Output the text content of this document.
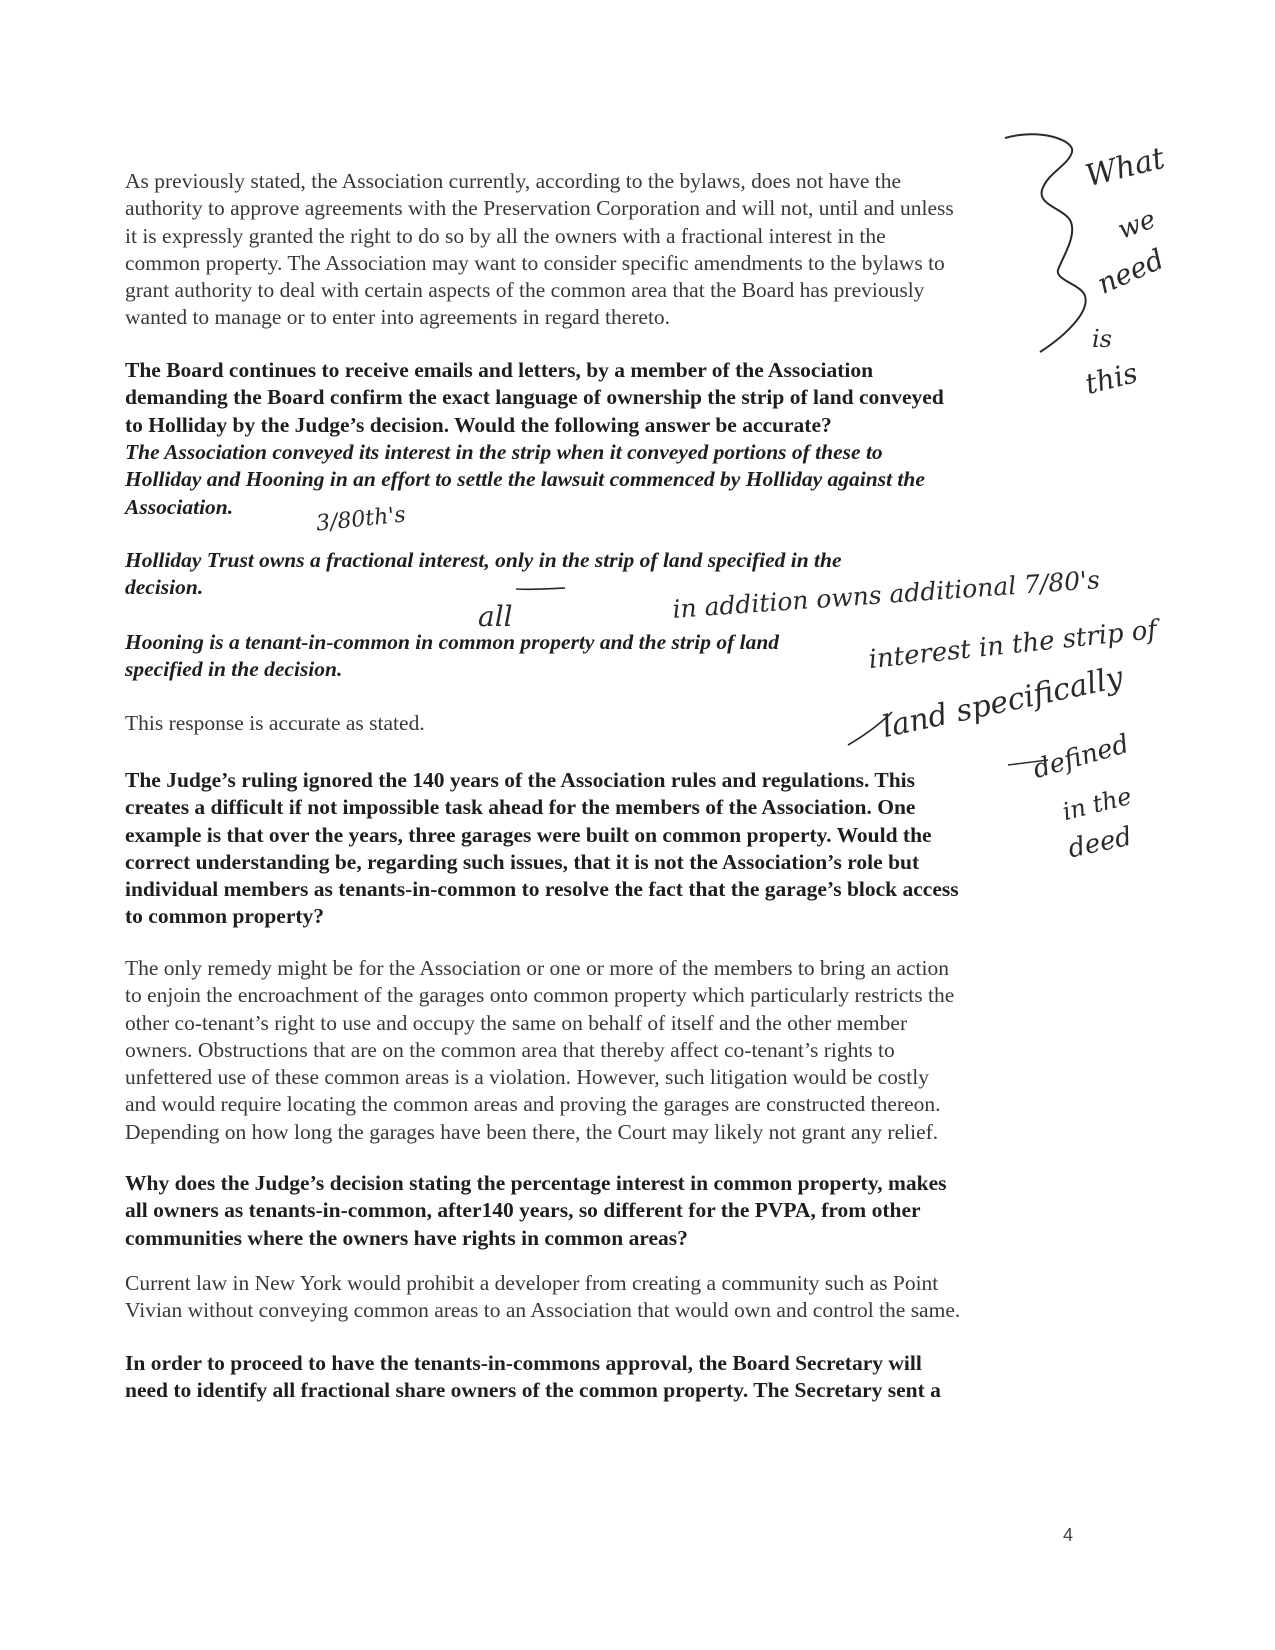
As previously stated, the Association currently, according to the bylaws, does not have the
authority to approve agreements with the Preservation Corporation and will not, until and unless
it is expressly granted the right to do so by all the owners with a fractional interest in the
common property. The Association may want to consider specific amendments to the bylaws to
grant authority to deal with certain aspects of the common area that the Board has previously
wanted to manage or to enter into agreements in regard thereto.
The Board continues to receive emails and letters, by a member of the Association
demanding the Board confirm the exact language of ownership the strip of land conveyed
to Holliday by the Judge’s decision. Would the following answer be accurate?
The Association conveyed its interest in the strip when it conveyed portions of these to
Holliday and Hooning in an effort to settle the lawsuit commenced by Holliday against the
Association.
Holliday Trust owns a fractional interest, only in the strip of land specified in the
decision.
Hooning is a tenant-in-common in common property and the strip of land
specified in the decision.
This response is accurate as stated.
The Judge’s ruling ignored the 140 years of the Association rules and regulations. This
creates a difficult if not impossible task ahead for the members of the Association. One
example is that over the years, three garages were built on common property. Would the
correct understanding be, regarding such issues, that it is not the Association’s role but
individual members as tenants-in-common to resolve the fact that the garage’s block access
to common property?
The only remedy might be for the Association or one or more of the members to bring an action
to enjoin the encroachment of the garages onto common property which particularly restricts the
other co-tenant’s right to use and occupy the same on behalf of itself and the other member
owners. Obstructions that are on the common area that thereby affect co-tenant’s rights to
unfettered use of these common areas is a violation. However, such litigation would be costly
and would require locating the common areas and proving the garages are constructed thereon.
Depending on how long the garages have been there, the Court may likely not grant any relief.
Why does the Judge’s decision stating the percentage interest in common property, makes
all owners as tenants-in-common, after140 years, so different for the PVPA, from other
communities where the owners have rights in common areas?
Current law in New York would prohibit a developer from creating a community such as Point
Vivian without conveying common areas to an Association that would own and control the same.
In order to proceed to have the tenants-in-commons approval, the Board Secretary will
need to identify all fractional share owners of the common property. The Secretary sent a
4
What
we
need
is
this
3/80th's
all	in addition owns additional 7/80's
interest in the strip of
land specifically
defined
in the
deed
